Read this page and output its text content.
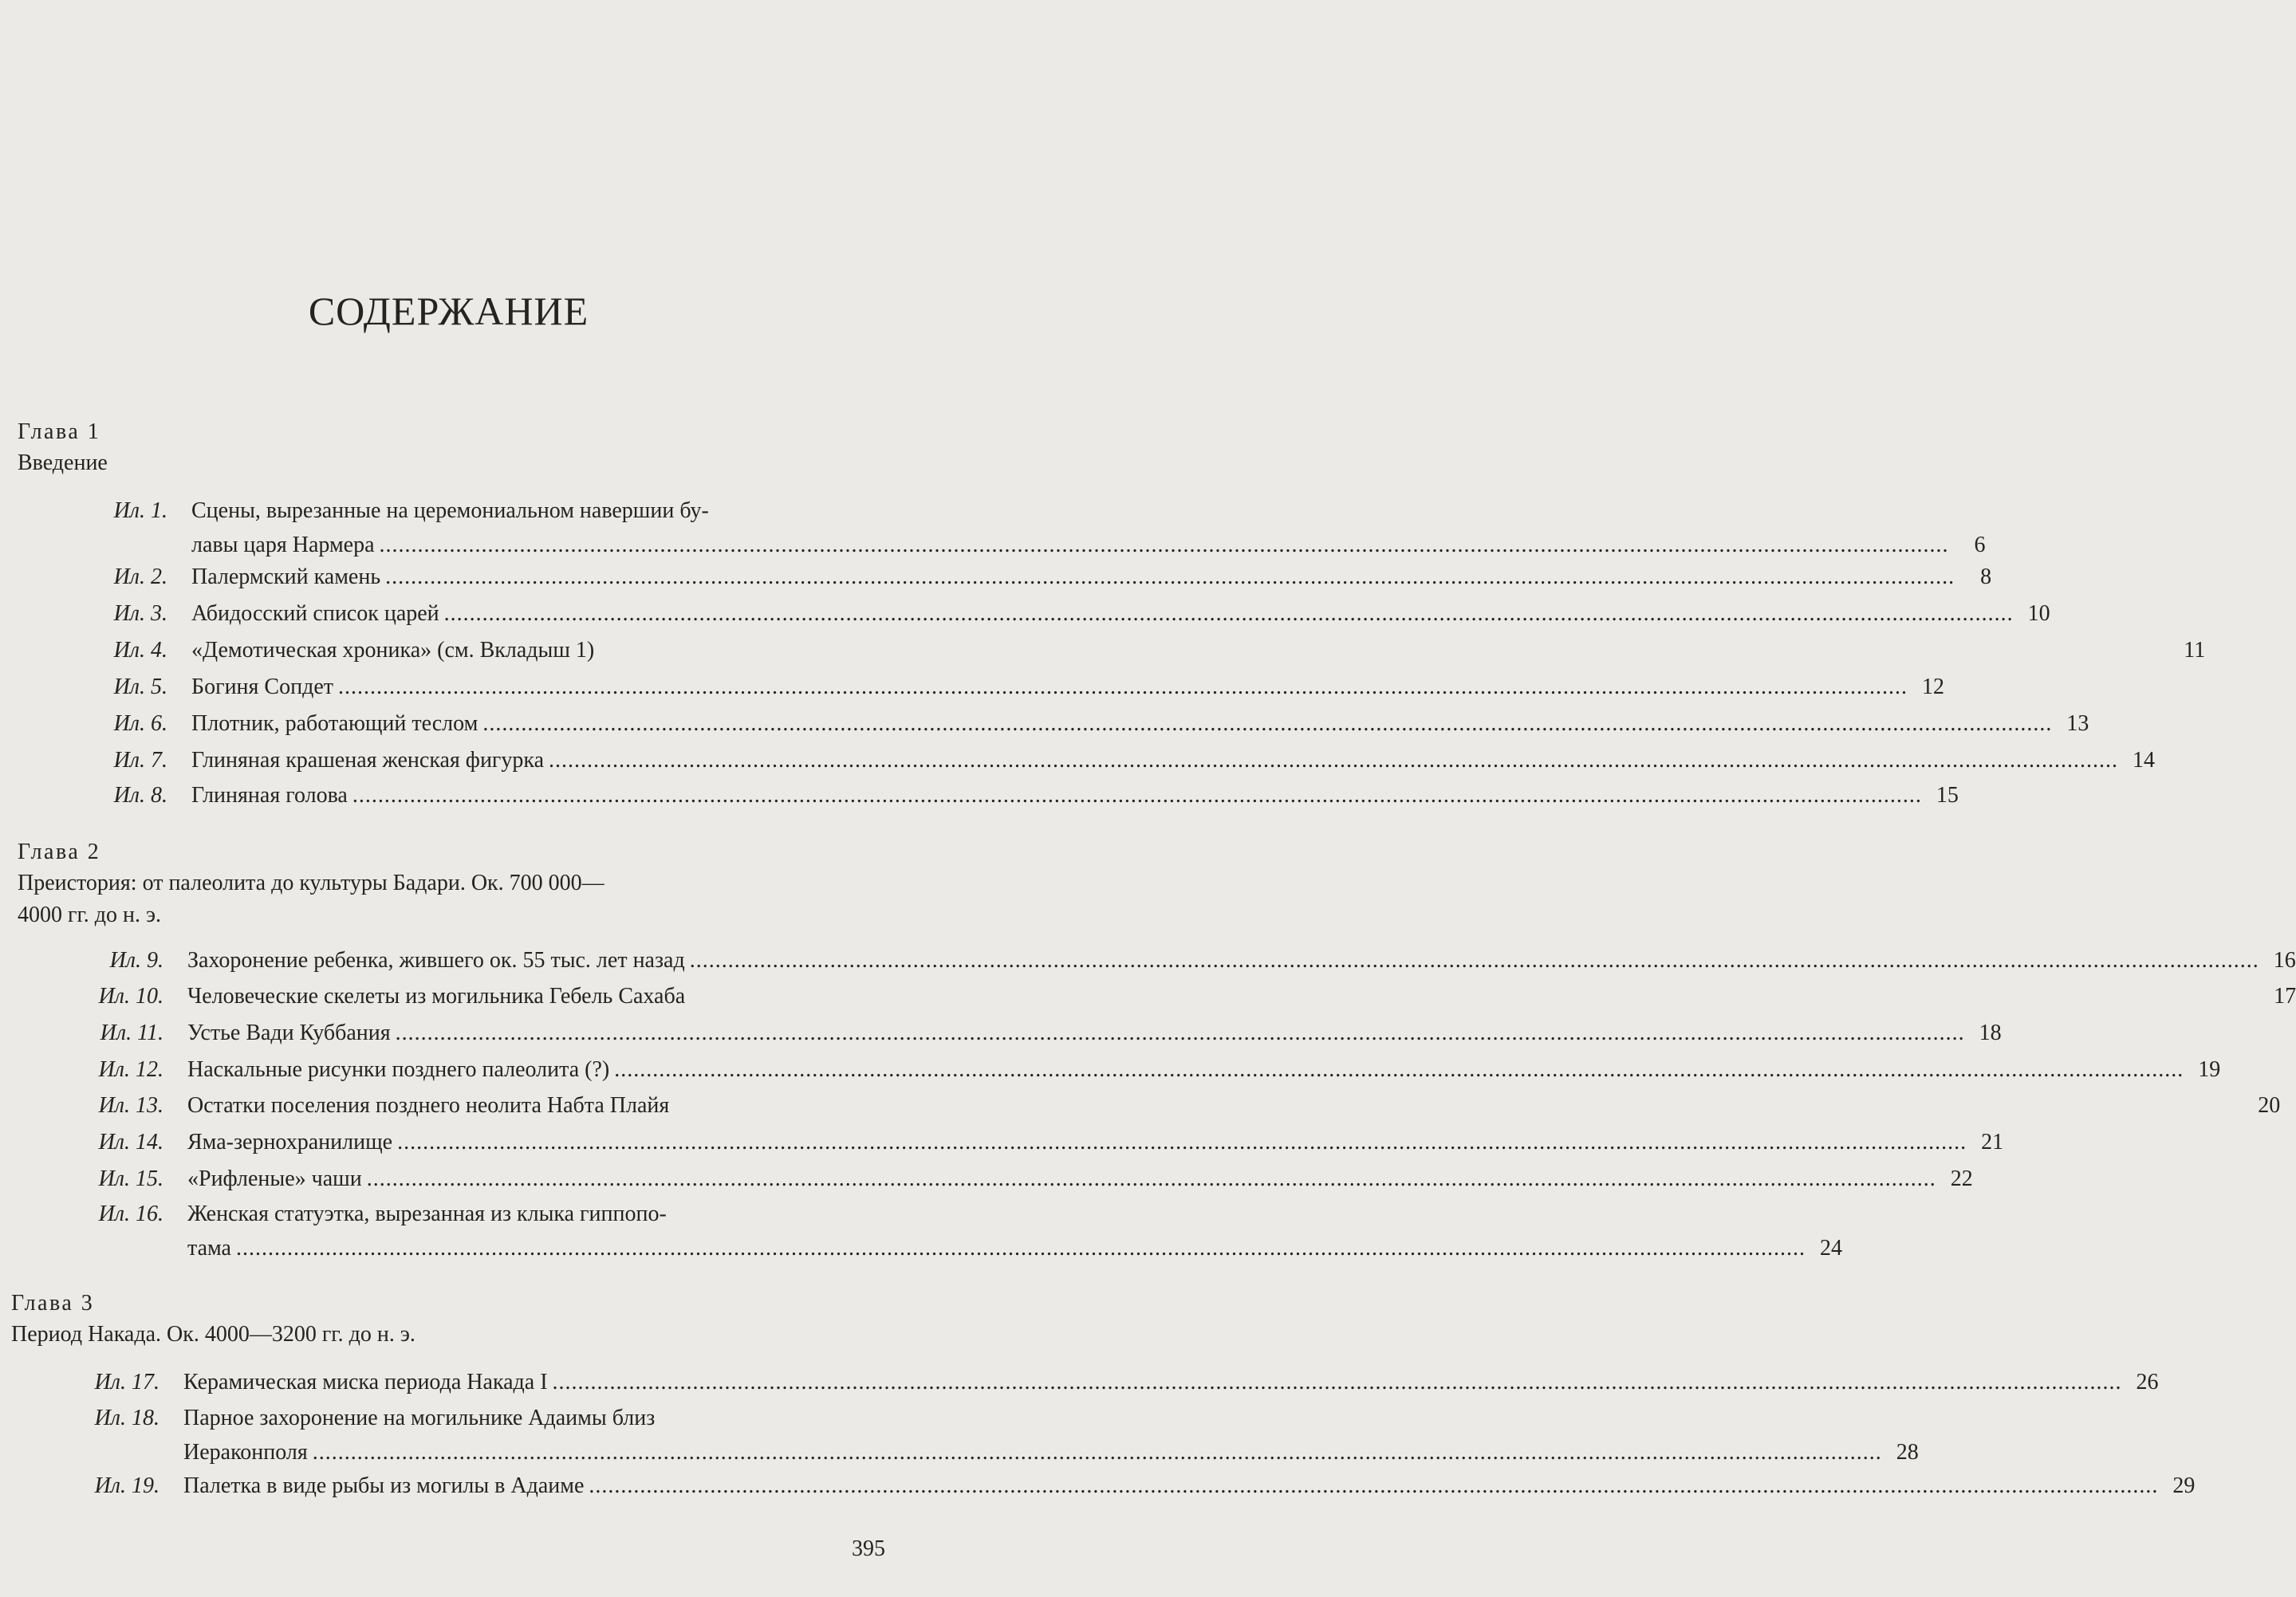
СОДЕРЖАНИЕ
Глава 1
Введение
Ил. 1.	Сцены, вырезанные на церемониальном навершии бу-
лавы царя Нармера .....	6
Ил. 2.	Палермский камень .....	8
Ил. 3.	Абидосский список царей .....	10
Ил. 4.	«Демотическая хроника» (см. Вкладыш 1)	11
Ил. 5.	Богиня Сопдет .....	12
Ил. 6.	Плотник, работающий теслом .....	13
Ил. 7.	Глиняная крашеная женская фигурка .....	14
Ил. 8.	Глиняная голова .....	15
Глава 2
Преистория: от палеолита до культуры Бадари. Ок. 700 000—
4000 гг. до н. э.
Ил. 9.	Захоронение ребенка, жившего ок. 55 тыс. лет назад .....	16
Ил. 10.	Человеческие скелеты из могильника Гебель Сахаба	17
Ил. 11.	Устье Вади Куббания .....	18
Ил. 12.	Наскальные рисунки позднего палеолита (?) .....	19
Ил. 13.	Остатки поселения позднего неолита Набта Плайя	20
Ил. 14.	Яма-зернохранилище .....	21
Ил. 15.	«Рифленые» чаши .....	22
Ил. 16.	Женская статуэтка, вырезанная из клыка гиппопо-
тама .....	24
Глава 3
Период Накада. Ок. 4000—3200 гг. до н. э.
Ил. 17.	Керамическая миска периода Накада I .....	26
Ил. 18.	Парное захоронение на могильнике Адаимы близ
Иераконполя .....	28
Ил. 19.	Палетка в виде рыбы из могилы в Адаиме .....	29
395
